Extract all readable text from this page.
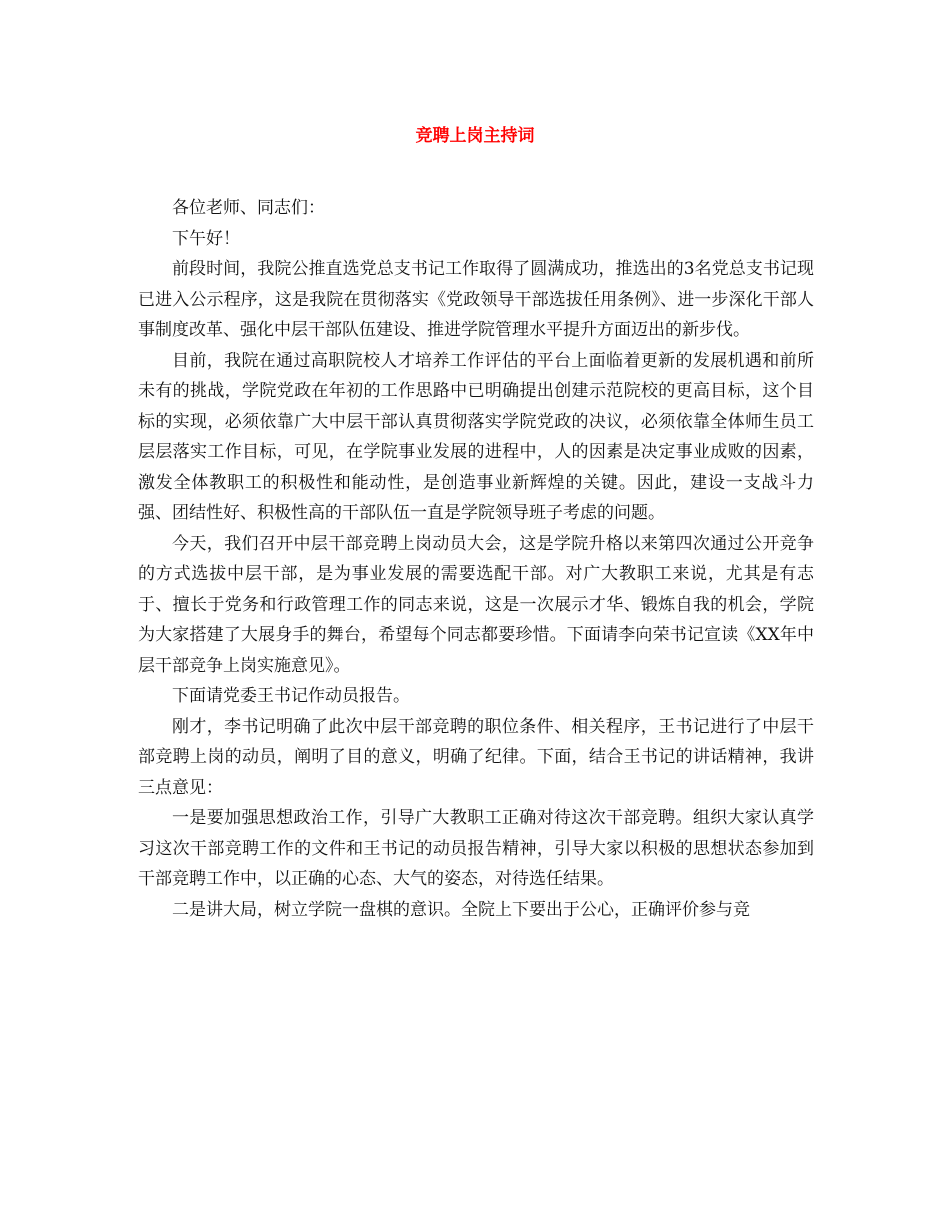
竞聘上岗主持词

各位老师、同志们：

下午好！

前段时间，我院公推直选党总支书记工作取得了圆满成功，推选出的3名党总支书记现已进入公示程序，这是我院在贯彻落实《党政领导干部选拔任用条例》、进一步深化干部人事制度改革、强化中层干部队伍建设、推进学院管理水平提升方面迈出的新步伐。

目前，我院在通过高职院校人才培养工作评估的平台上面临着更新的发展机遇和前所未有的挑战，学院党政在年初的工作思路中已明确提出创建示范院校的更高目标，这个目标的实现，必须依靠广大中层干部认真贯彻落实学院党政的决议，必须依靠全体师生员工层层落实工作目标，可见，在学院事业发展的进程中，人的因素是决定事业成败的因素，激发全体教职工的积极性和能动性，是创造事业新辉煌的关键。因此，建设一支战斗力强、团结性好、积极性高的干部队伍一直是学院领导班子考虑的问题。

今天，我们召开中层干部竞聘上岗动员大会，这是学院升格以来第四次通过公开竞争的方式选拔中层干部，是为事业发展的需要选配干部。对广大教职工来说，尤其是有志于、擅长于党务和行政管理工作的同志来说，这是一次展示才华、锻炼自我的机会，学院为大家搭建了大展身手的舞台，希望每个同志都要珍惜。下面请李向荣书记宣读《XX年中层干部竞争上岗实施意见》。

下面请党委王书记作动员报告。

刚才，李书记明确了此次中层干部竞聘的职位条件、相关程序，王书记进行了中层干部竞聘上岗的动员，阐明了目的意义，明确了纪律。下面，结合王书记的讲话精神，我讲三点意见：

一是要加强思想政治工作，引导广大教职工正确对待这次干部竞聘。组织大家认真学习这次干部竞聘工作的文件和王书记的动员报告精神，引导大家以积极的思想状态参加到干部竞聘工作中，以正确的心态、大气的姿态，对待选任结果。

二是讲大局，树立学院一盘棋的意识。全院上下要出于公心，正确评价参与竞
